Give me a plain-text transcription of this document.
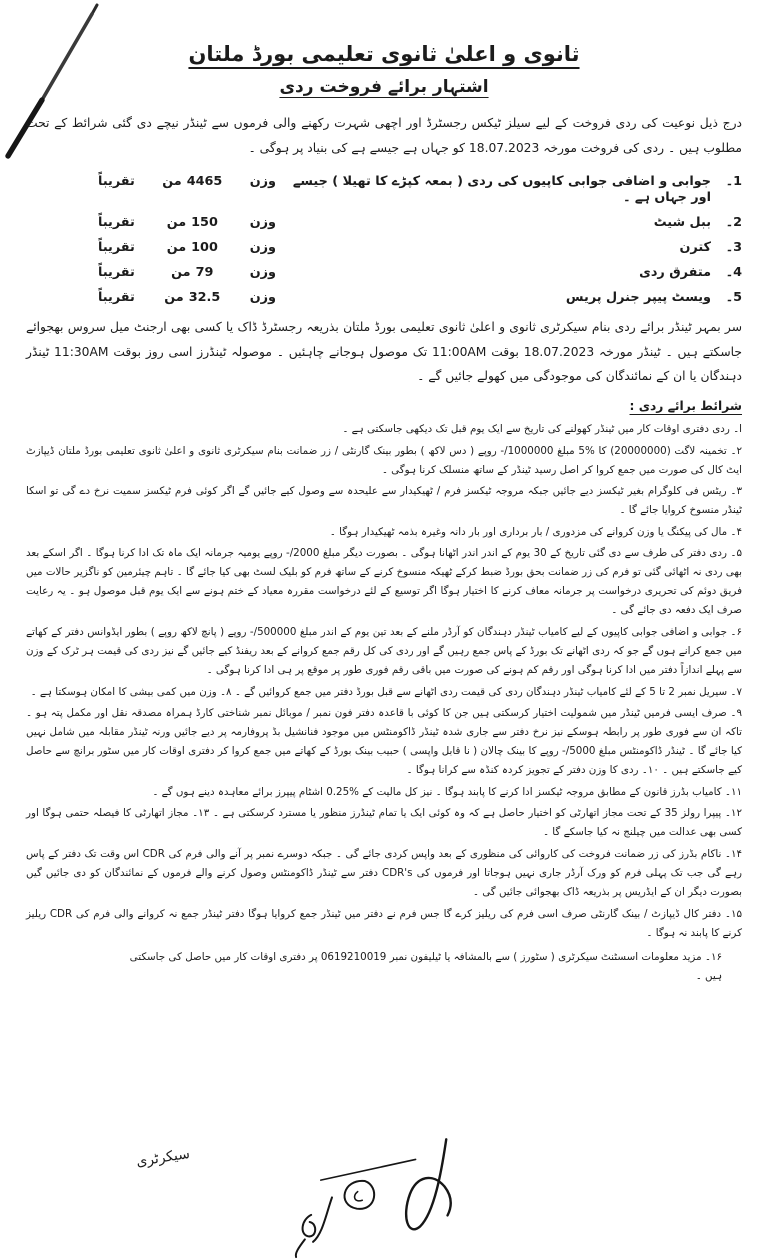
ثانوی و اعلیٰ ثانوی تعلیمی بورڈ ملتان
اشتہار برائے فروخت ردی

درج ذیل نوعیت کی ردی فروخت کے لیے سیلز ٹیکس رجسٹرڈ اور اچھی شہرت رکھنے والی فرموں سے ٹینڈر نیچے دی گئی شرائط کے تحت مطلوب ہیں ۔ ردی کی فروخت مورخہ 18.07.2023 کو جہاں ہے جیسے ہے کی بنیاد پر ہوگی ۔

1۔
جوابی و اضافی جوابی کاپیوں کی ردی ( بمعہ کپڑے کا تھیلا ) جیسے اور جہاں ہے ۔
وزن
4465
من
تقریباً
2۔
ببل شیٹ
وزن
150
من
تقریباً
3۔
کترن
وزن
100
من
تقریباً
4۔
متفرق ردی
وزن
79
من
تقریباً
5۔
ویسٹ پیپر جنرل پریس
وزن
32.5
من
تقریباً

سر بمہر ٹینڈر برائے ردی بنام سیکرٹری ثانوی و اعلیٰ ثانوی تعلیمی بورڈ ملتان بذریعہ رجسٹرڈ ڈاک یا کسی بھی ارجنٹ میل سروس بھجوائے جاسکتے ہیں ۔ ٹینڈر مورخہ 18.07.2023 بوقت 11:00AM تک موصول ہوجانے چاہئیں ۔ موصولہ ٹینڈرز اسی روز بوقت 11:30AM ٹینڈر دہندگان یا ان کے نمائندگان کی موجودگی میں کھولے جائیں گے ۔

شرائط برائے ردی :

ا۔ ردی دفتری اوقات کار میں ٹینڈر کھولنے کی تاریخ سے ایک یوم قبل تک دیکھی جاسکتی ہے ۔

۲۔ تخمینہ لاگت (20000000) کا %5 مبلغ 1000000/- روپے ( دس لاکھ ) بطور بینک گارنٹی / زر ضمانت بنام سیکرٹری ثانوی و اعلیٰ ثانوی تعلیمی بورڈ ملتان ڈیپازٹ ایٹ کال کی صورت میں جمع کروا کر اصل رسید ٹینڈر کے ساتھ منسلک کرنا ہوگی ۔

۳۔ ریٹس فی کلوگرام بغیر ٹیکسز دیے جائیں جبکہ مروجہ ٹیکسز فرم / ٹھیکیدار سے علیحدہ سے وصول کیے جائیں گے اگر کوئی فرم ٹیکسز سمیت نرخ دے گی تو اسکا ٹینڈر منسوخ کروایا جائے گا ۔

۴۔ مال کی پیکنگ یا وزن کروانے کی مزدوری / بار برداری اور بار دانہ وغیرہ بذمہ ٹھیکیدار ہوگا ۔

۵۔ ردی دفتر کی طرف سے دی گئی تاریخ کے 30 یوم کے اندر اندر اٹھانا ہوگی ۔ بصورت دیگر مبلغ 2000/- روپے یومیہ جرمانہ ایک ماہ تک ادا کرنا ہوگا ۔ اگر اسکے بعد بھی ردی نہ اٹھائی گئی تو فرم کی زر ضمانت بحق بورڈ ضبط کرکے ٹھیکہ منسوخ کرنے کے ساتھ فرم کو بلیک لسٹ بھی کیا جائے گا ۔ تاہم چیئرمین کو ناگزیر حالات میں فریق دوئم کی تحریری درخواست پر جرمانہ معاف کرنے کا اختیار ہوگا اگر توسیع کے لئے درخواست مقررہ معیاد کے ختم ہونے سے ایک یوم قبل موصول ہو ۔ یہ رعایت صرف ایک دفعہ دی جائے گی ۔

۶۔ جوابی و اضافی جوابی کاپیوں کے لیے کامیاب ٹینڈر دہندگان کو آرڈر ملنے کے بعد تین یوم کے اندر مبلغ 500000/- روپے ( پانچ لاکھ روپے ) بطور ایڈوانس دفتر کے کھاتے میں جمع کرانے ہوں گے جو کہ ردی اٹھانے تک بورڈ کے پاس جمع رہیں گے اور ردی کی کل رقم جمع کروانے کے بعد ریفنڈ کیے جائیں گے نیز ردی کی قیمت ہر ٹرک کے وزن سے پہلے اندازاً دفتر میں ادا کرنا ہوگی اور رقم کم ہونے کی صورت میں باقی رقم فوری طور پر موقع پر ہی ادا کرنا ہوگی ۔

۷۔ سیریل نمبر 2 تا 5 کے لئے کامیاب ٹینڈر دہندگان ردی کی قیمت ردی اٹھانے سے قبل بورڈ دفتر میں جمع کروائیں گے ۔ ۸۔ وزن میں کمی بیشی کا امکان ہوسکتا ہے ۔

۹۔ صرف ایسی فرمیں ٹینڈر میں شمولیت اختیار کرسکتی ہیں جن کا کوئی با قاعدہ دفتر فون نمبر / موبائل نمبر شناختی کارڈ ہمراہ مصدقہ نقل اور مکمل پتہ ہو ۔ تاکہ ان سے فوری طور پر رابطہ ہوسکے نیز نرخ دفتر سے جاری شدہ ٹینڈر ڈاکومنٹس میں موجود فنانشیل بڈ پروفارمہ پر دیے جائیں ورنہ ٹینڈر مقابلہ میں شامل نہیں کیا جائے گا ۔ ٹینڈر ڈاکومنٹس مبلغ 5000/- روپے کا بینک چالان ( نا قابل واپسی ) حبیب بینک بورڈ کے کھاتے میں جمع کروا کر دفتری اوقات کار میں سٹور برانچ سے حاصل کیے جاسکتے ہیں ۔ ۱۰۔ ردی کا وزن دفتر کے تجویز کردہ کنڈہ سے کرانا ہوگا ۔

۱۱۔ کامیاب بڈرز قانون کے مطابق مروجہ ٹیکسز ادا کرنے کا پابند ہوگا ۔ نیز کل مالیت کے %0.25 اشٹام پیپرز برائے معاہدہ دینے ہوں گے ۔

۱۲۔ پیپرا رولز 35 کے تحت مجاز اتھارٹی کو اختیار حاصل ہے کہ وہ کوئی ایک یا تمام ٹینڈرز منظور یا مسترد کرسکتی ہے ۔ ۱۳۔ مجاز اتھارٹی کا فیصلہ حتمی ہوگا اور کسی بھی عدالت میں چیلنج نہ کیا جاسکے گا ۔

۱۴۔ ناکام بڈرز کی زر ضمانت فروخت کی کاروائی کی منظوری کے بعد واپس کردی جائے گی ۔ جبکہ دوسرے نمبر پر آنے والی فرم کی CDR اس وقت تک دفتر کے پاس رہے گی جب تک پہلی فرم کو ورک آرڈر جاری نہیں ہوجاتا اور فرموں کی CDR's دفتر سے ٹینڈر ڈاکومنٹس وصول کرنے والے فرموں کے نمائندگان کو دی جائیں گیں بصورت دیگر ان کے ایڈریس پر بذریعہ ڈاک بھجوائی جائیں گی ۔

۱۵۔ دفتر کال ڈیپازٹ / بینک گارنٹی صرف اسی فرم کی ریلیز کرے گا جس فرم نے دفتر میں ٹینڈر جمع کروایا ہوگا دفتر ٹینڈر جمع نہ کروانے والی فرم کی CDR ریلیز کرنے کا پابند نہ ہوگا ۔

۱۶۔ مزید معلومات اسسٹنٹ سیکرٹری ( سٹورز ) سے بالمشافہ یا ٹیلیفون نمبر 0619210019 پر دفتری اوقات کار میں حاصل کی جاسکتی ہیں ۔

سیکرٹری
